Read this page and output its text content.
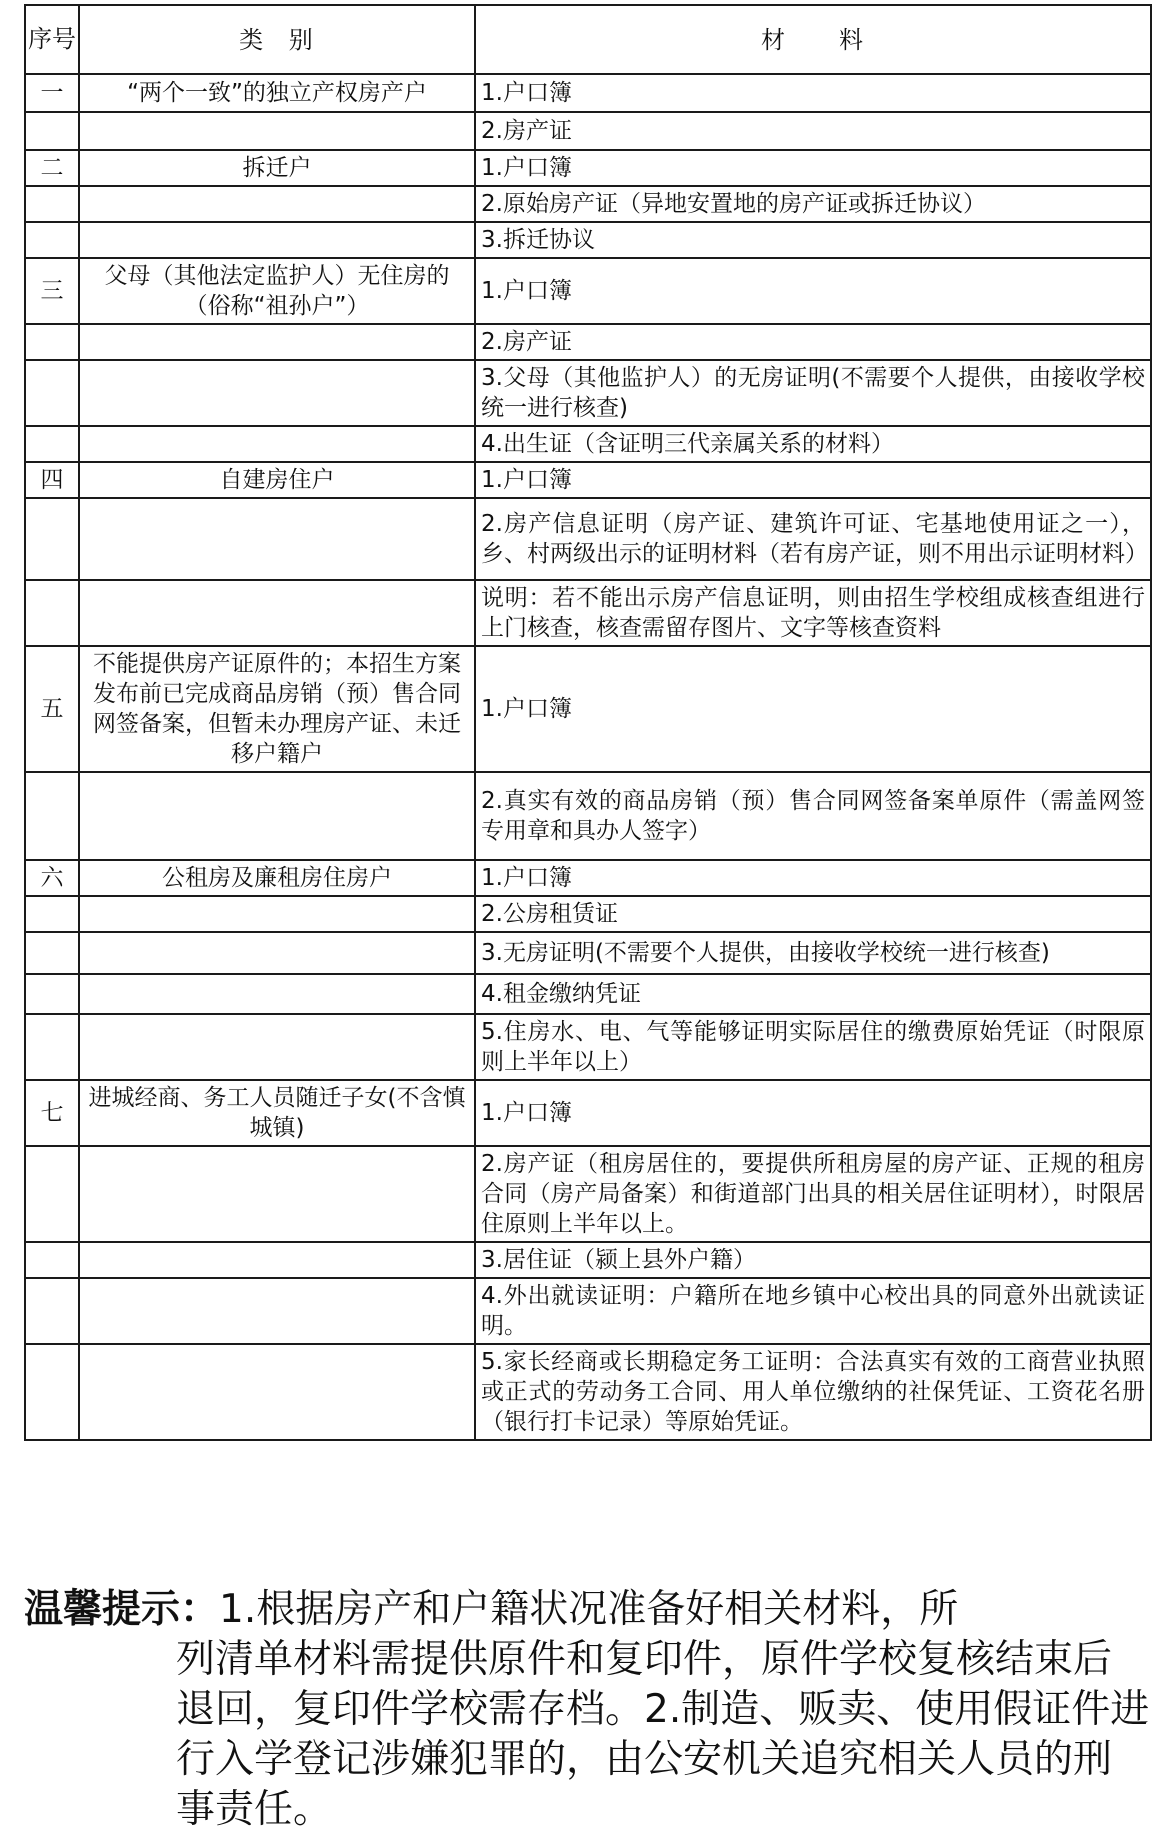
序号	类 别	材　　料
一	“两个一致”的独立产权房产户	1.户口簿
		2.房产证
二	拆迁户	1.户口簿
		2.原始房产证（异地安置地的房产证或拆迁协议）
		3.拆迁协议
三	父母（其他法定监护人）无住房的（俗称“祖孙户”）	1.户口簿
		2.房产证
		3.父母（其他监护人）的无房证明(不需要个人提供，由接收学校统一进行核查)
		4.出生证（含证明三代亲属关系的材料）
四	自建房住户	1.户口簿
		2.房产信息证明（房产证、建筑许可证、宅基地使用证之一），乡、村两级出示的证明材料（若有房产证，则不用出示证明材料）
		说明：若不能出示房产信息证明，则由招生学校组成核查组进行上门核查，核查需留存图片、文字等核查资料
五	不能提供房产证原件的；本招生方案发布前已完成商品房销（预）售合同网签备案，但暂未办理房产证、未迁移户籍户	1.户口簿
		2.真实有效的商品房销（预）售合同网签备案单原件（需盖网签专用章和具办人签字）
六	公租房及廉租房住房户	1.户口簿
		2.公房租赁证
		3.无房证明(不需要个人提供，由接收学校统一进行核查)
		4.租金缴纳凭证
		5.住房水、电、气等能够证明实际居住的缴费原始凭证（时限原则上半年以上）
七	进城经商、务工人员随迁子女(不含慎城镇)	1.户口簿
		2.房产证（租房居住的，要提供所租房屋的房产证、正规的租房合同（房产局备案）和街道部门出具的相关居住证明材），时限居住原则上半年以上。
		3.居住证（颍上县外户籍）
		4.外出就读证明：户籍所在地乡镇中心校出具的同意外出就读证明。
		5.家长经商或长期稳定务工证明：合法真实有效的工商营业执照或正式的劳动务工合同、用人单位缴纳的社保凭证、工资花名册（银行打卡记录）等原始凭证。
温馨提示：1.根据房产和户籍状况准备好相关材料，所
列清单材料需提供原件和复印件，原件学校复核结束后退回，复印件学校需存档。2.制造、贩卖、使用假证件进行入学登记涉嫌犯罪的，由公安机关追究相关人员的刑事责任。
